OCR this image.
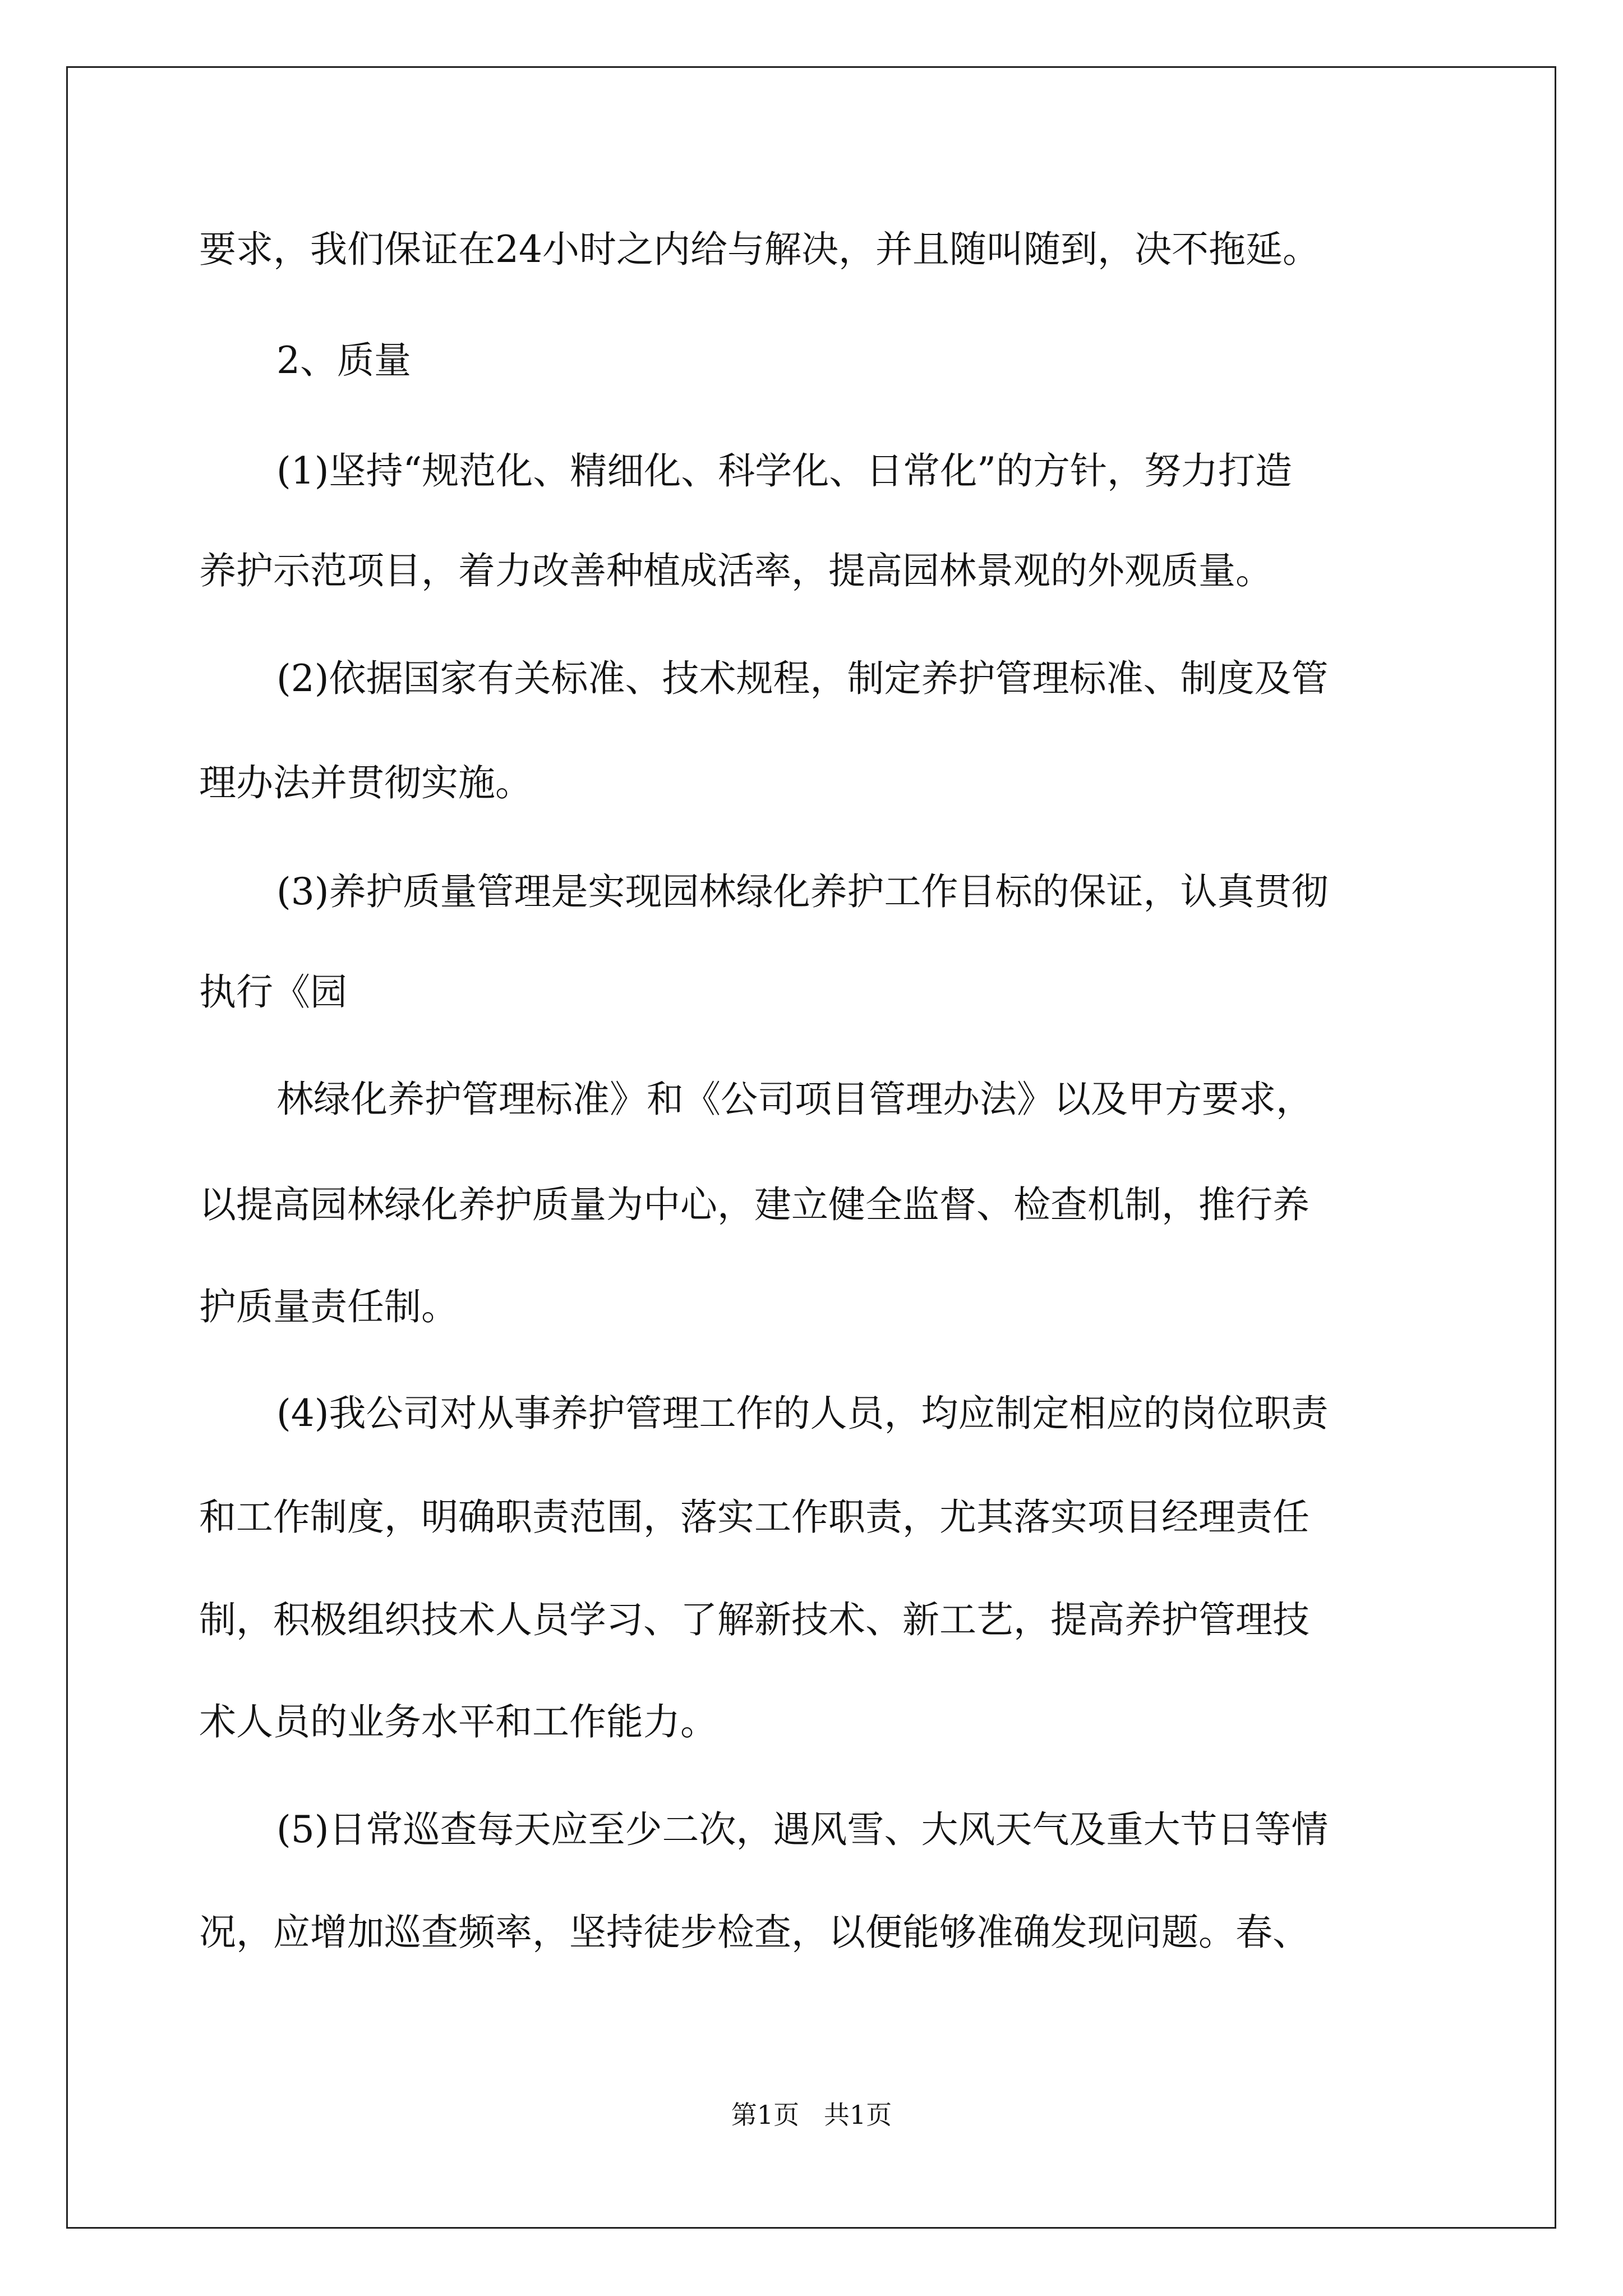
要求，我们保证在24小时之内给与解决，并且随叫随到，决不拖延。
2、质量
(1)坚持“规范化、精细化、科学化、日常化”的方针，努力打造
养护示范项目，着力改善种植成活率，提高园林景观的外观质量。
(2)依据国家有关标准、技术规程，制定养护管理标准、制度及管
理办法并贯彻实施。
(3)养护质量管理是实现园林绿化养护工作目标的保证，认真贯彻
执行《园
林绿化养护管理标准》和《公司项目管理办法》以及甲方要求，
以提高园林绿化养护质量为中心，建立健全监督、检查机制，推行养
护质量责任制。
(4)我公司对从事养护管理工作的人员，均应制定相应的岗位职责
和工作制度，明确职责范围，落实工作职责，尤其落实项目经理责任
制，积极组织技术人员学习、了解新技术、新工艺，提高养护管理技
术人员的业务水平和工作能力。
(5)日常巡查每天应至少二次，遇风雪、大风天气及重大节日等情
况，应增加巡查频率，坚持徒步检查，以便能够准确发现问题。春、
第1页   共1页
